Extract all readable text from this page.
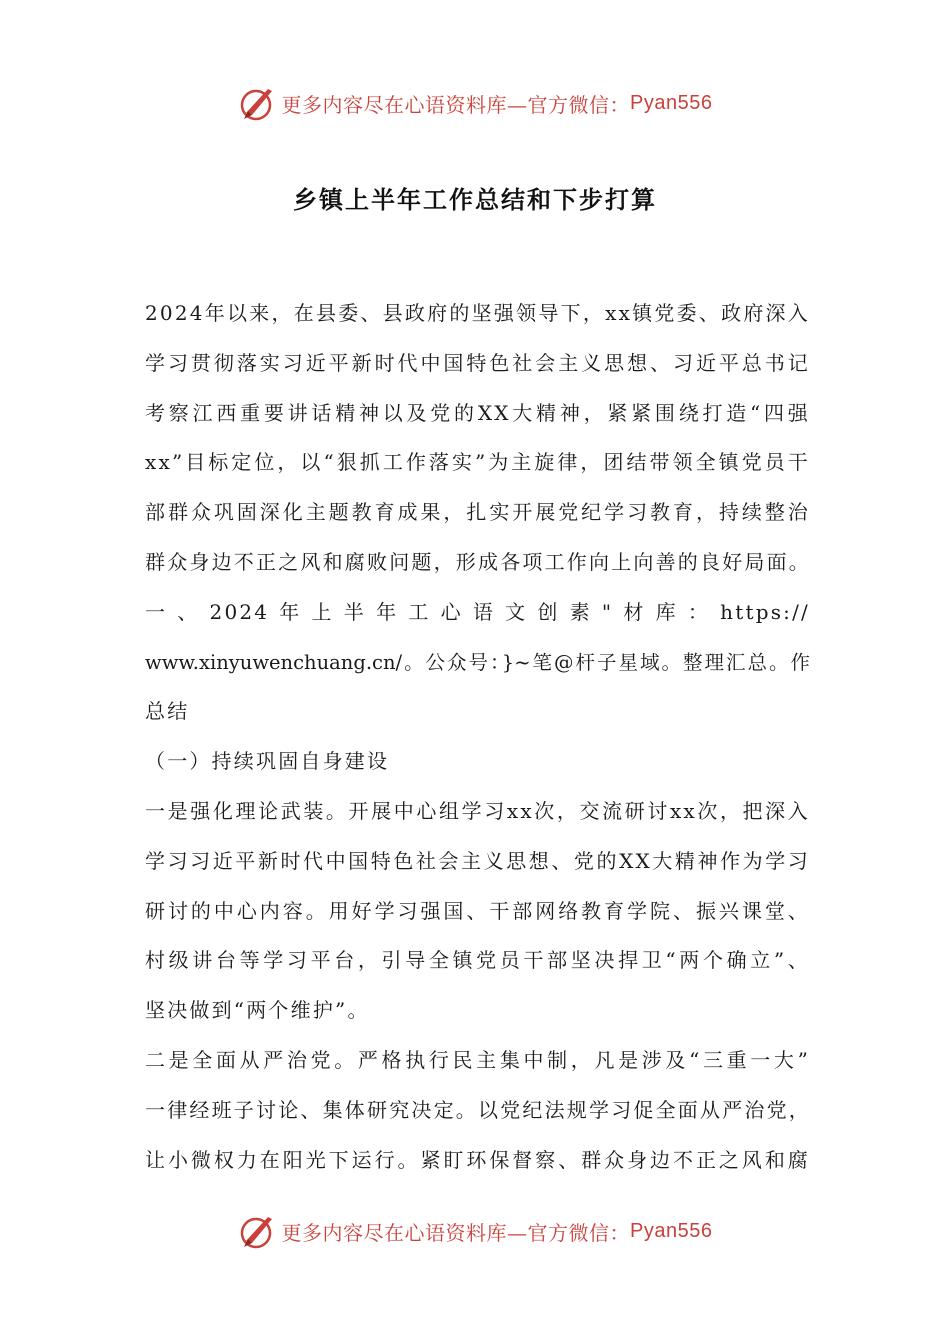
更多内容尽在心语资料库—官方微信： Pyan556
乡镇上半年工作总结和下步打算
2024年以来，在县委、县政府的坚强领导下，xx镇党委、政府深入
学习贯彻落实习近平新时代中国特色社会主义思想、习近平总书记
考察江西重要讲话精神以及党的XX大精神，紧紧围绕打造“四强
xx”目标定位，以“狠抓工作落实”为主旋律，团结带领全镇党员干
部群众巩固深化主题教育成果，扎实开展党纪学习教育，持续整治
群众身边不正之风和腐败问题，形成各项工作向上向善的良好局面。
一、2024年上半年工心语文创素"材库：https://
www.xinyuwenchuang.cn/。公众号：}~笔@杆子星域。整理汇总。作
总结
（一）持续巩固自身建设
一是强化理论武装。开展中心组学习xx次，交流研讨xx次，把深入
学习习近平新时代中国特色社会主义思想、党的XX大精神作为学习
研讨的中心内容。用好学习强国、干部网络教育学院、振兴课堂、
村级讲台等学习平台，引导全镇党员干部坚决捍卫“两个确立”、
坚决做到“两个维护”。
二是全面从严治党。严格执行民主集中制，凡是涉及“三重一大”
一律经班子讨论、集体研究决定。以党纪法规学习促全面从严治党，
让小微权力在阳光下运行。紧盯环保督察、群众身边不正之风和腐
更多内容尽在心语资料库—官方微信： Pyan556
